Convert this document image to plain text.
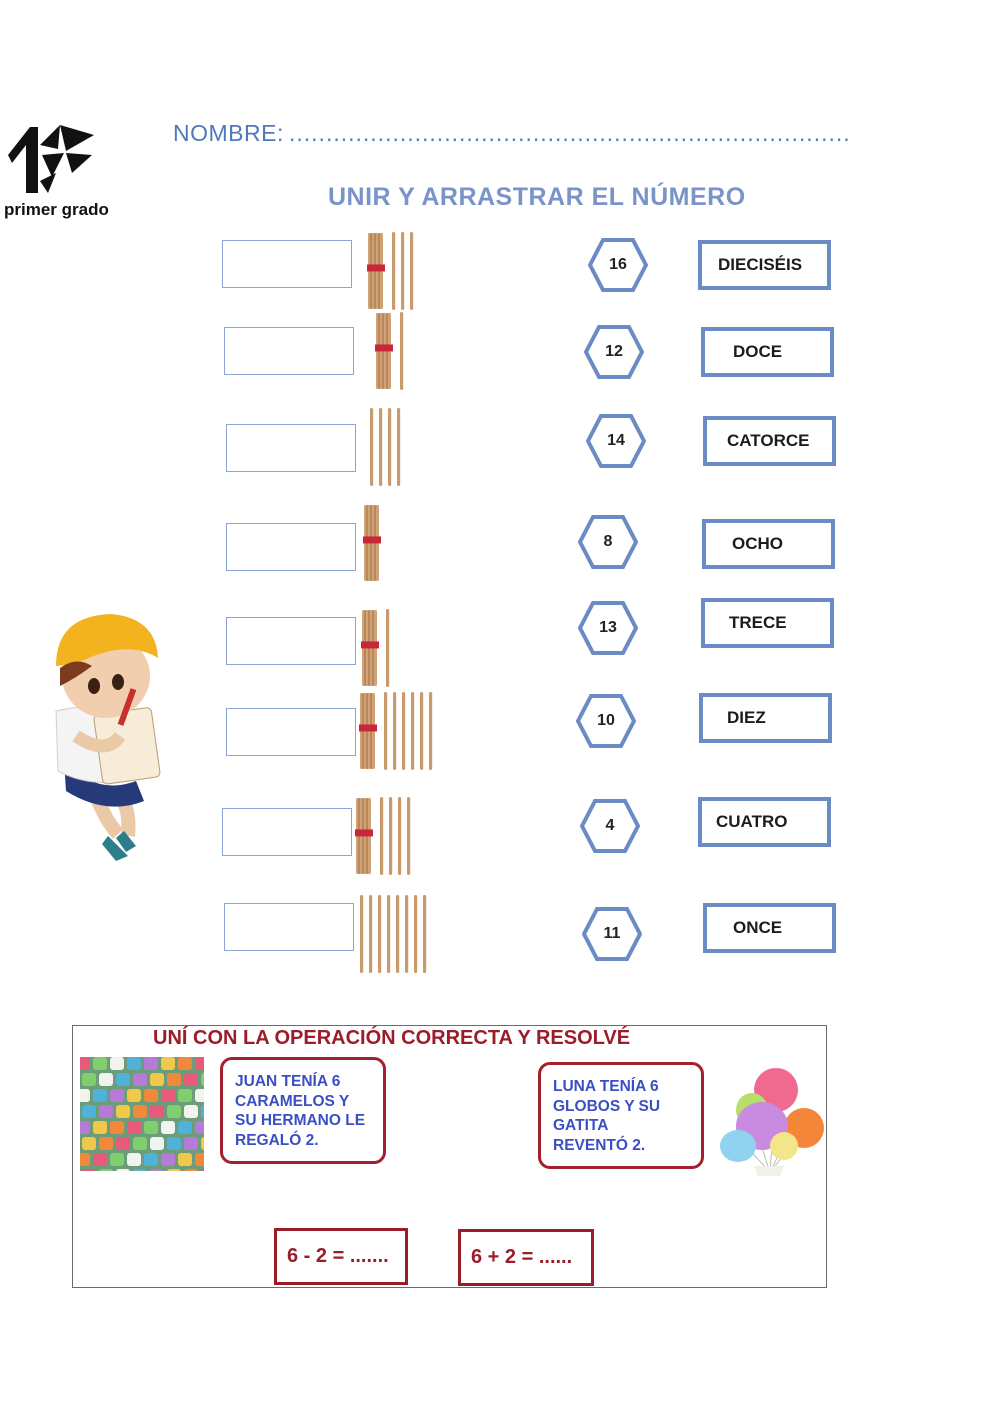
primer grado
NOMBRE: ............................................................................
UNIR Y ARRASTRAR EL NÚMERO
16
12
14
8
13
10
4
11
DIECISÉIS
DOCE
CATORCE
OCHO
TRECE
DIEZ
CUATRO
ONCE
UNÍ CON LA OPERACIÓN CORRECTA Y RESOLVÉ
JUAN TENÍA 6
CARAMELOS Y
SU HERMANO LE
REGALÓ 2.
LUNA TENÍA 6
GLOBOS Y SU
GATITA
REVENTÓ 2.
6 - 2 = .......	6 + 2 = ......
